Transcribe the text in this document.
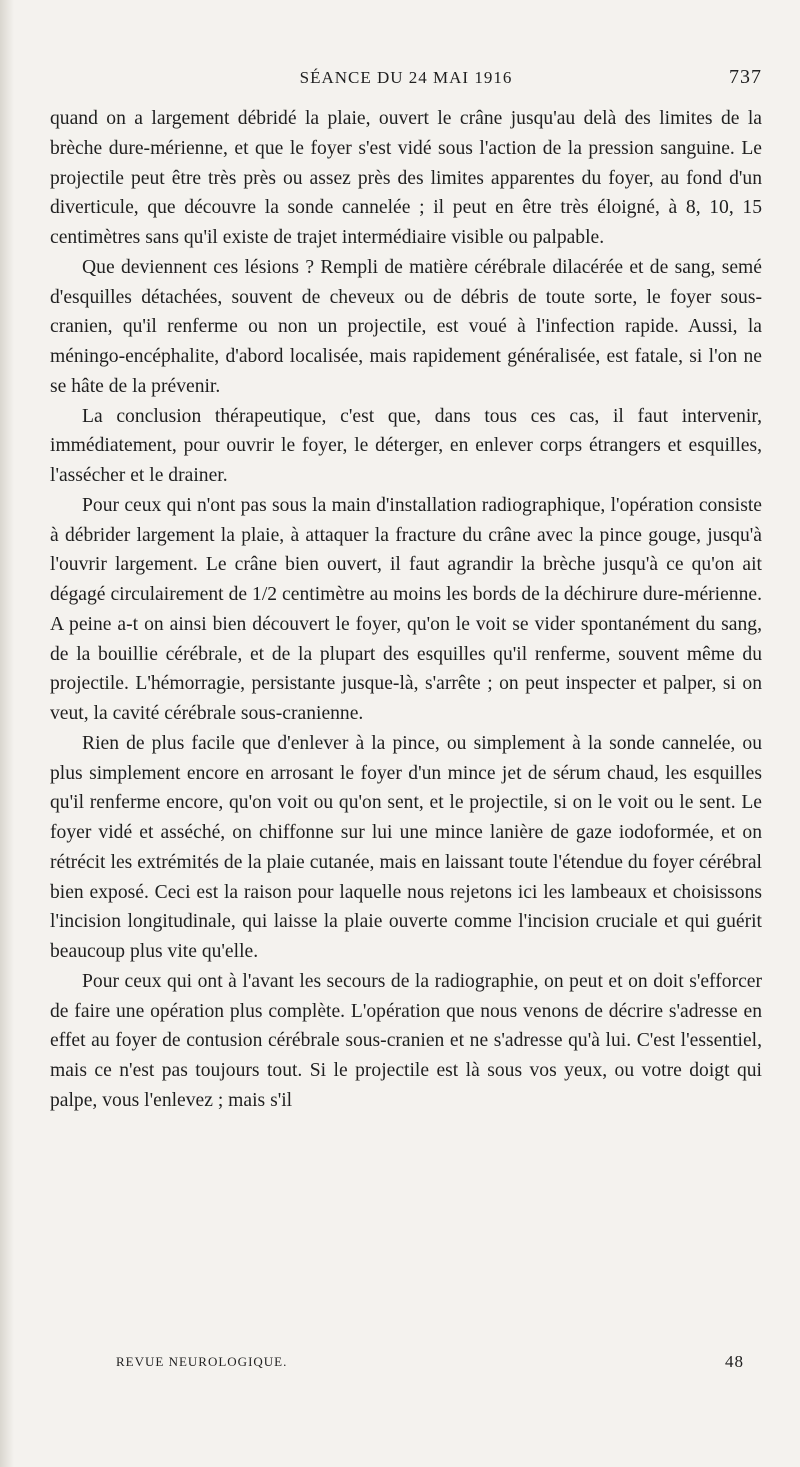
SÉANCE DU 24 MAI 1916	737

quand on a largement débridé la plaie, ouvert le crâne jusqu'au delà des limites de la brèche dure-mérienne, et que le foyer s'est vidé sous l'action de la pression sanguine. Le projectile peut être très près ou assez près des limites apparentes du foyer, au fond d'un diverticule, que découvre la sonde cannelée ; il peut en être très éloigné, à 8, 10, 15 centimètres sans qu'il existe de trajet intermédiaire visible ou palpable.

Que deviennent ces lésions ? Rempli de matière cérébrale dilacérée et de sang, semé d'esquilles détachées, souvent de cheveux ou de débris de toute sorte, le foyer sous-cranien, qu'il renferme ou non un projectile, est voué à l'infection rapide. Aussi, la méningo-encéphalite, d'abord localisée, mais rapidement généralisée, est fatale, si l'on ne se hâte de la prévenir.

La conclusion thérapeutique, c'est que, dans tous ces cas, il faut intervenir, immédiatement, pour ouvrir le foyer, le déterger, en enlever corps étrangers et esquilles, l'assécher et le drainer.

Pour ceux qui n'ont pas sous la main d'installation radiographique, l'opération consiste à débrider largement la plaie, à attaquer la fracture du crâne avec la pince gouge, jusqu'à l'ouvrir largement. Le crâne bien ouvert, il faut agrandir la brèche jusqu'à ce qu'on ait dégagé circulairement de 1/2 centimètre au moins les bords de la déchirure dure-mérienne. A peine a-t on ainsi bien découvert le foyer, qu'on le voit se vider spontanément du sang, de la bouillie cérébrale, et de la plupart des esquilles qu'il renferme, souvent même du projectile. L'hémorragie, persistante jusque-là, s'arrête ; on peut inspecter et palper, si on veut, la cavité cérébrale sous-cranienne.

Rien de plus facile que d'enlever à la pince, ou simplement à la sonde cannelée, ou plus simplement encore en arrosant le foyer d'un mince jet de sérum chaud, les esquilles qu'il renferme encore, qu'on voit ou qu'on sent, et le projectile, si on le voit ou le sent. Le foyer vidé et asséché, on chiffonne sur lui une mince lanière de gaze iodoformée, et on rétrécit les extrémités de la plaie cutanée, mais en laissant toute l'étendue du foyer cérébral bien exposé. Ceci est la raison pour laquelle nous rejetons ici les lambeaux et choisissons l'incision longitudinale, qui laisse la plaie ouverte comme l'incision cruciale et qui guérit beaucoup plus vite qu'elle.

Pour ceux qui ont à l'avant les secours de la radiographie, on peut et on doit s'efforcer de faire une opération plus complète. L'opération que nous venons de décrire s'adresse en effet au foyer de contusion cérébrale sous-cranien et ne s'adresse qu'à lui. C'est l'essentiel, mais ce n'est pas toujours tout. Si le projectile est là sous vos yeux, ou votre doigt qui palpe, vous l'enlevez ; mais s'il

REVUE NEUROLOGIQUE.	48
